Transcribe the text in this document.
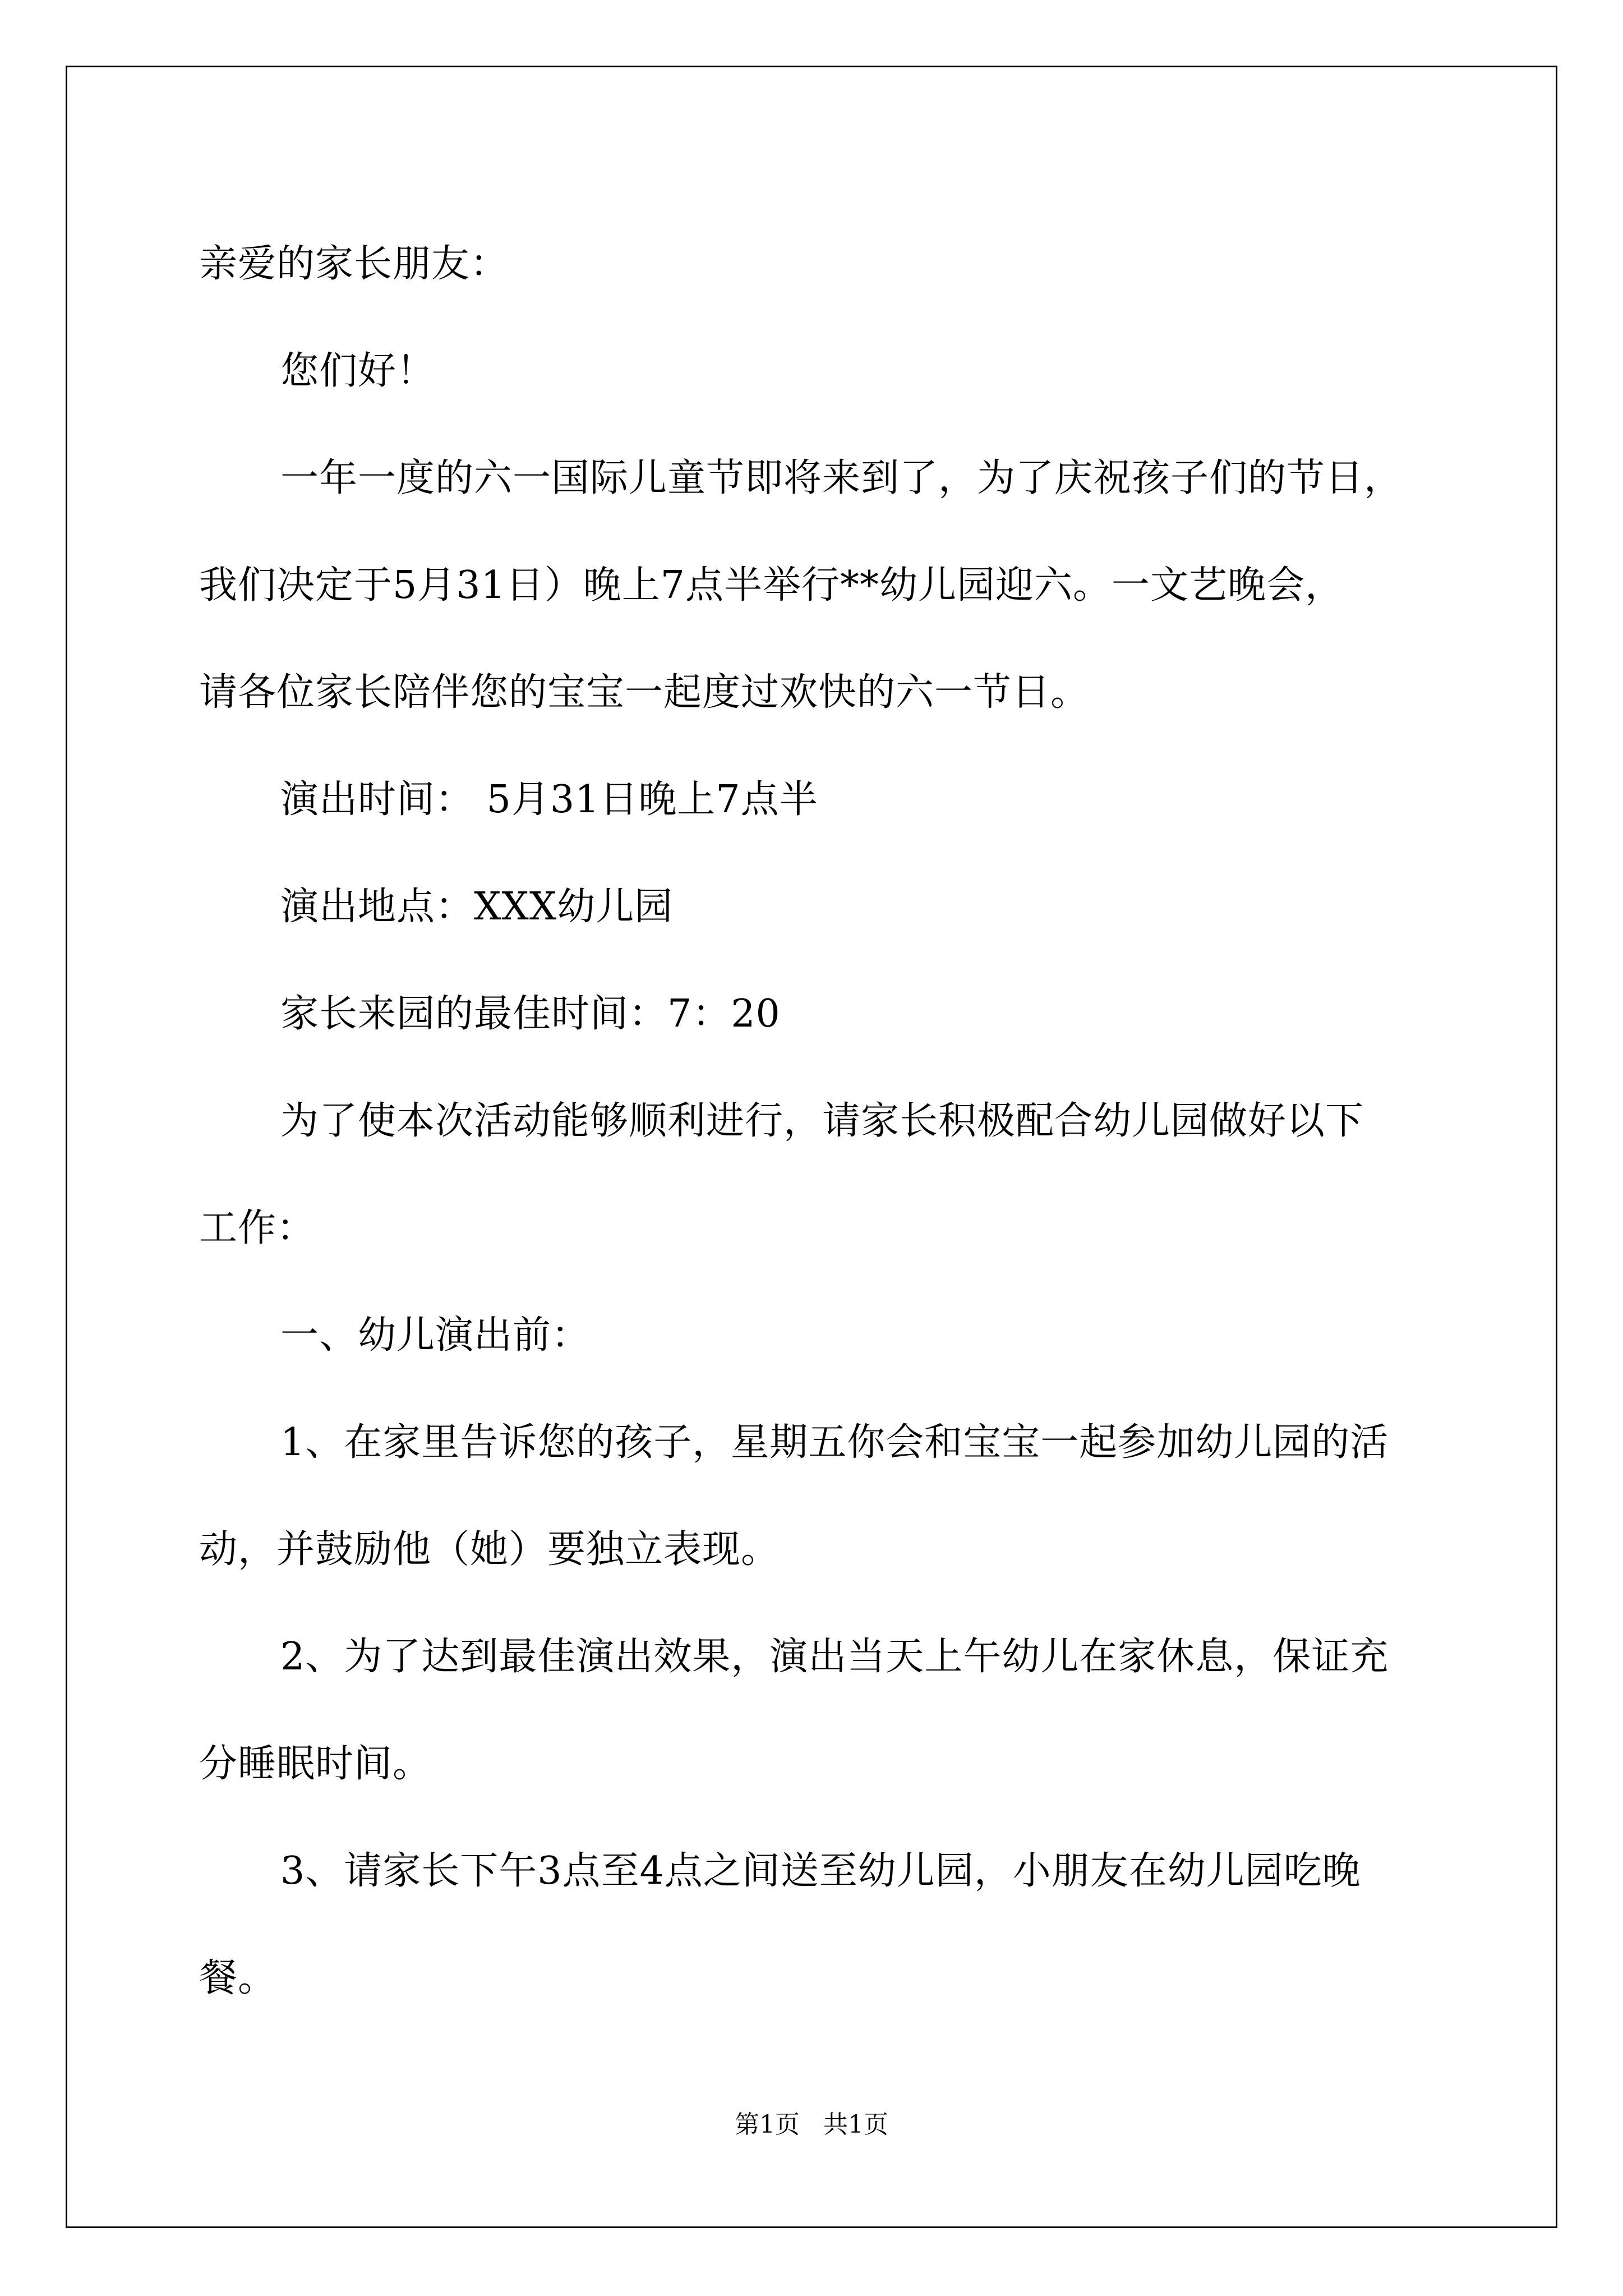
亲爱的家长朋友：
您们好！
一年一度的六一国际儿童节即将来到了，为了庆祝孩子们的节日，
我们决定于5月31日）晚上7点半举行**幼儿园迎六。一文艺晚会，
请各位家长陪伴您的宝宝一起度过欢快的六一节日。
演出时间： 5月31日晚上7点半
演出地点：XXX幼儿园
家长来园的最佳时间：7：20
为了使本次活动能够顺利进行，请家长积极配合幼儿园做好以下
工作：
一、幼儿演出前：
1、在家里告诉您的孩子，星期五你会和宝宝一起参加幼儿园的活
动，并鼓励他（她）要独立表现。
2、为了达到最佳演出效果，演出当天上午幼儿在家休息，保证充
分睡眠时间。
3、请家长下午3点至4点之间送至幼儿园，小朋友在幼儿园吃晚
餐。
第1页   共1页
